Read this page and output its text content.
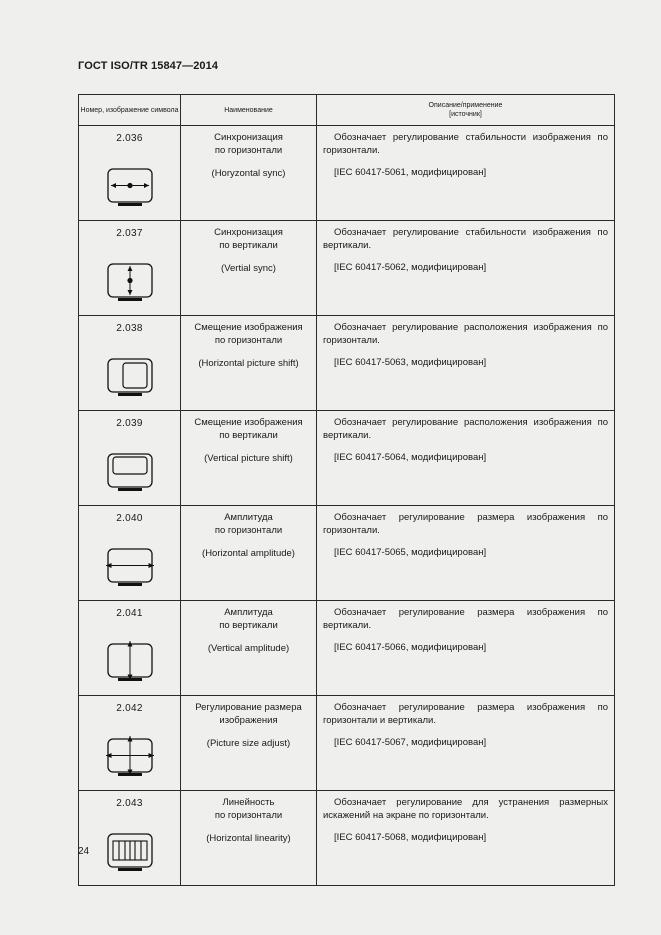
ГОСТ ISO/TR 15847—2014
Номер, изображение символа	Наименование	Описание/применение
[источник]

2.036	Синхронизация
по горизонтали
(Horyzontal sync)	Обозначает регулирование стабильности изображения по горизонтали.
[IEC 60417-5061, модифицирован]

2.037	Синхронизация
по вертикали
(Vertial sync)	Обозначает регулирование стабильности изображения по вертикали.
[IEC 60417-5062, модифицирован]

2.038	Смещение изображения
по горизонтали
(Horizontal picture shift)	Обозначает регулирование расположения изображения по горизонтали.
[IEC 60417-5063, модифицирован]

2.039	Смещение изображения
по вертикали
(Vertical picture shift)	Обозначает регулирование расположения изображения по вертикали.
[IEC 60417-5064, модифицирован]

2.040	Амплитуда
по горизонтали
(Horizontal amplitude)	Обозначает регулирование размера изображения по горизонтали.
[IEC 60417-5065, модифицирован]

2.041	Амплитуда
по вертикали
(Vertical amplitude)	Обозначает регулирование размера изображения по вертикали.
[IEC 60417-5066, модифицирован]

2.042	Регулирование размера
изображения
(Picture size adjust)	Обозначает регулирование размера изображения по горизонтали и вертикали.
[IEC 60417-5067, модифицирован]

2.043	Линейность
по горизонтали
(Horizontal linearity)	Обозначает регулирование для устранения размерных искажений на экране по горизонтали.
[IEC 60417-5068, модифицирован]
24
